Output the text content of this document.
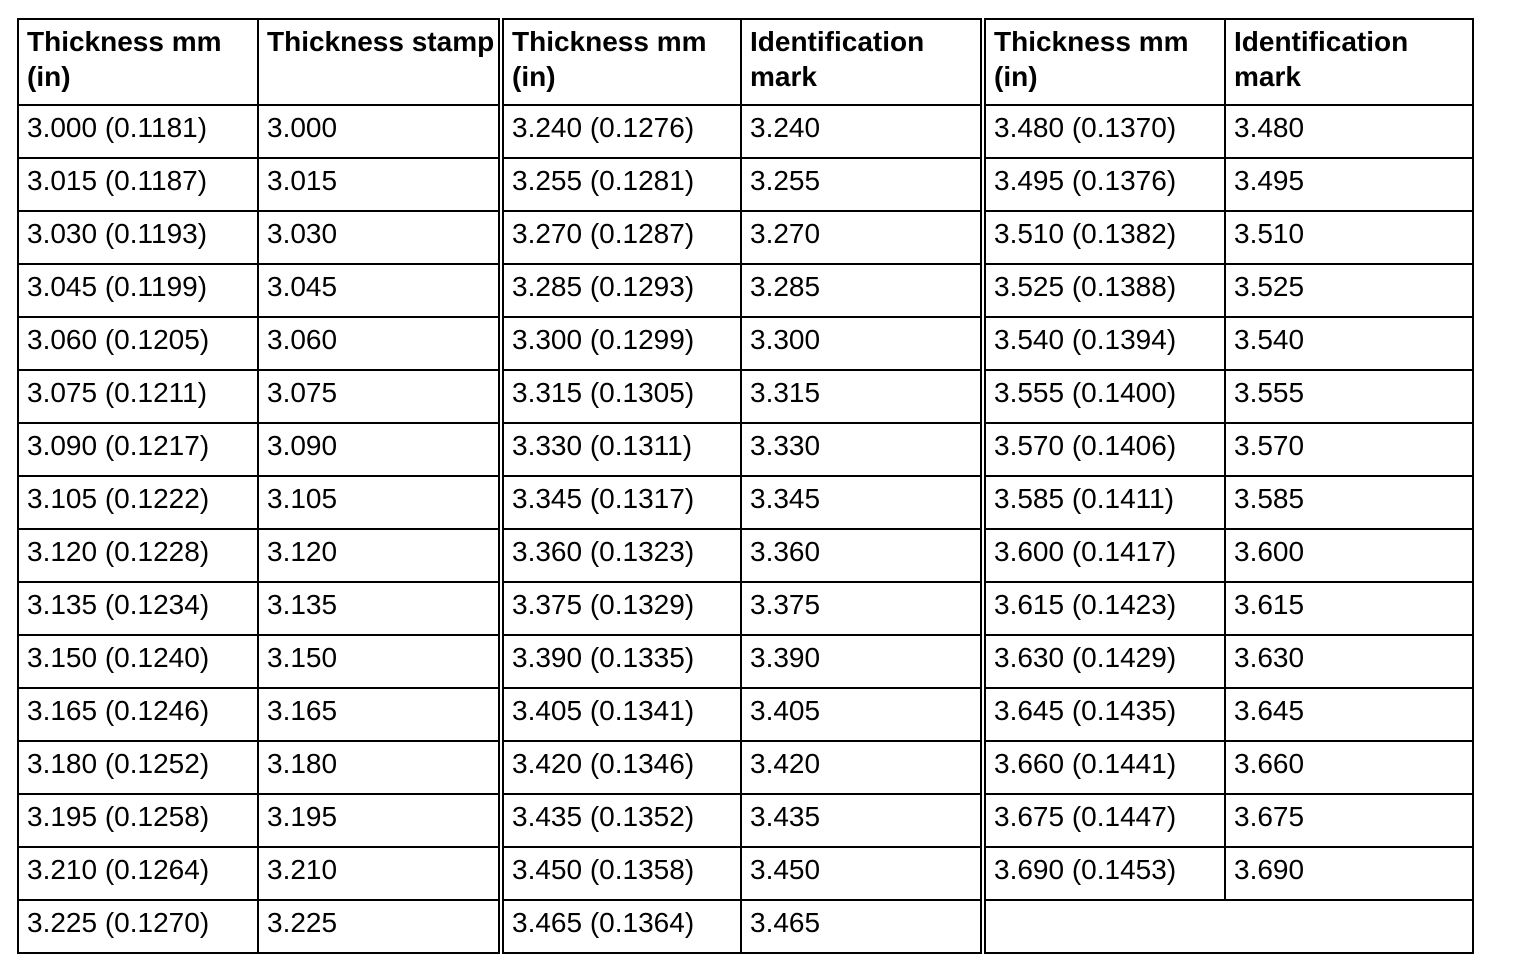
Thickness mm (in)	Thickness stamp	Thickness mm (in)	Identification mark	Thickness mm (in)	Identification mark
3.000 (0.1181)	3.000	3.240 (0.1276)	3.240	3.480 (0.1370)	3.480
3.015 (0.1187)	3.015	3.255 (0.1281)	3.255	3.495 (0.1376)	3.495
3.030 (0.1193)	3.030	3.270 (0.1287)	3.270	3.510 (0.1382)	3.510
3.045 (0.1199)	3.045	3.285 (0.1293)	3.285	3.525 (0.1388)	3.525
3.060 (0.1205)	3.060	3.300 (0.1299)	3.300	3.540 (0.1394)	3.540
3.075 (0.1211)	3.075	3.315 (0.1305)	3.315	3.555 (0.1400)	3.555
3.090 (0.1217)	3.090	3.330 (0.1311)	3.330	3.570 (0.1406)	3.570
3.105 (0.1222)	3.105	3.345 (0.1317)	3.345	3.585 (0.1411)	3.585
3.120 (0.1228)	3.120	3.360 (0.1323)	3.360	3.600 (0.1417)	3.600
3.135 (0.1234)	3.135	3.375 (0.1329)	3.375	3.615 (0.1423)	3.615
3.150 (0.1240)	3.150	3.390 (0.1335)	3.390	3.630 (0.1429)	3.630
3.165 (0.1246)	3.165	3.405 (0.1341)	3.405	3.645 (0.1435)	3.645
3.180 (0.1252)	3.180	3.420 (0.1346)	3.420	3.660 (0.1441)	3.660
3.195 (0.1258)	3.195	3.435 (0.1352)	3.435	3.675 (0.1447)	3.675
3.210 (0.1264)	3.210	3.450 (0.1358)	3.450	3.690 (0.1453)	3.690
3.225 (0.1270)	3.225	3.465 (0.1364)	3.465		
